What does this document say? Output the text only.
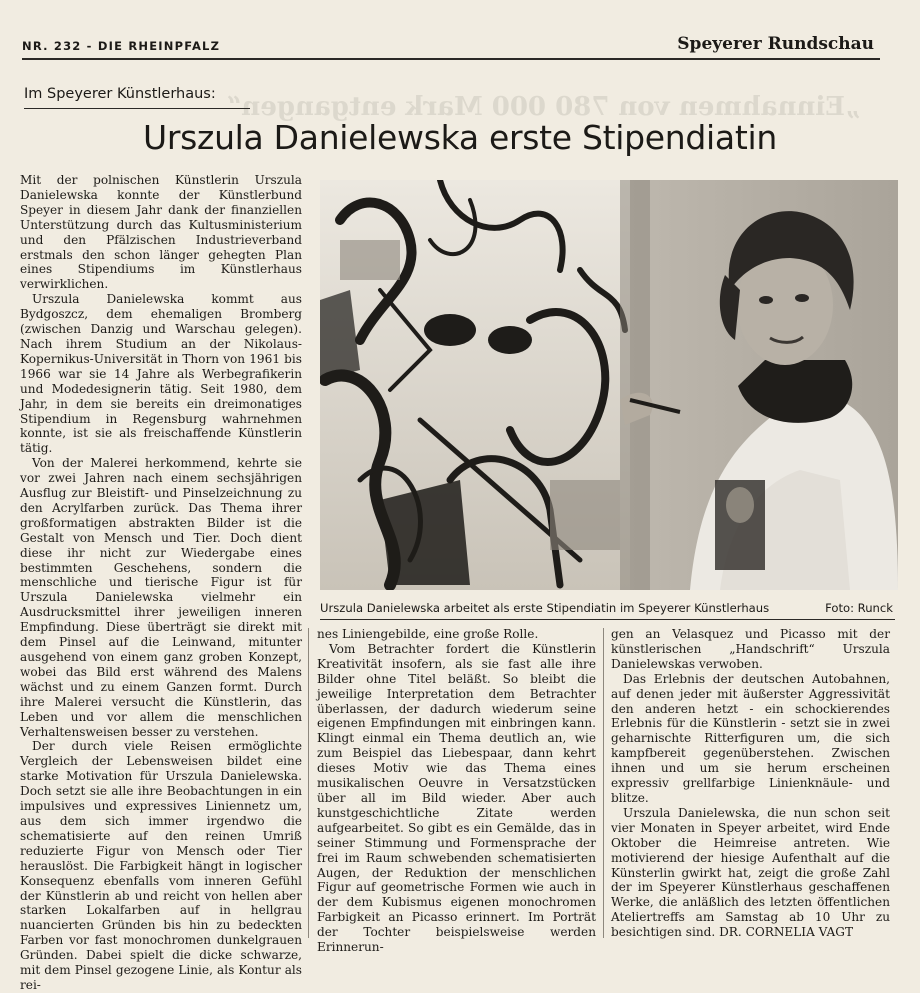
„Einnahmen von 780 000 Mark entgangen“
NR. 232 - DIE RHEINPFALZ	Speyerer Rundschau
Im Speyerer Künstlerhaus:
Urszula Danielewska erste Stipendiatin

Mit der polnischen Künstlerin Urszula Danielewska konnte der Künstlerbund Speyer in diesem Jahr dank der finanziellen Unterstützung durch das Kultusministerium und den Pfälzischen Industrieverband erstmals den schon länger gehegten Plan eines Stipendiums im Künstlerhaus verwirklichen.

Urszula Danielewska kommt aus Bydgoszcz, dem ehemaligen Bromberg (zwischen Danzig und Warschau gelegen). Nach ihrem Studium an der Nikolaus-Kopernikus-Universität in Thorn von 1961 bis 1966 war sie 14 Jahre als Werbegrafikerin und Modedesignerin tätig. Seit 1980, dem Jahr, in dem sie bereits ein dreimonatiges Stipendium in Regensburg wahrnehmen konnte, ist sie als freischaffende Künstlerin tätig.

Von der Malerei herkommend, kehrte sie vor zwei Jahren nach einem sechsjährigen Ausflug zur Bleistift- und Pinselzeichnung zu den Acrylfarben zurück. Das Thema ihrer großformatigen abstrakten Bilder ist die Gestalt von Mensch und Tier. Doch dient diese ihr nicht zur Wiedergabe eines bestimmten Geschehens, sondern die menschliche und tierische Figur ist für Urszula Danielewska vielmehr ein Ausdrucksmittel ihrer jeweiligen inneren Empfindung. Diese überträgt sie direkt mit dem Pinsel auf die Leinwand, mitunter ausgehend von einem ganz groben Konzept, wobei das Bild erst während des Malens wächst und zu einem Ganzen formt. Durch ihre Malerei versucht die Künstlerin, das Leben und vor allem die menschlichen Verhaltensweisen besser zu verstehen.

Der durch viele Reisen ermöglichte Vergleich der Lebensweisen bildet eine starke Motivation für Urszula Danielewska. Doch setzt sie alle ihre Beobachtungen in ein impulsives und expressives Liniennetz um, aus dem sich immer irgendwo die schematisierte auf den reinen Umriß reduzierte Figur von Mensch oder Tier herauslöst. Die Farbigkeit hängt in logischer Konsequenz ebenfalls vom inneren Gefühl der Künstlerin ab und reicht von hellen aber starken Lokalfarben auf in hellgrau nuancierten Gründen bis hin zu bedeckten Farben vor fast monochromen dunkelgrauen Gründen. Dabei spielt die dicke schwarze, mit dem Pinsel gezogene Linie, als Kontur als rei-

Urszula Danielewska arbeitet als erste Stipendiatin im Speyerer Künstlerhaus	Foto: Runck

nes Liniengebilde, eine große Rolle.

Vom Betrachter fordert die Künstlerin Kreativität insofern, als sie fast alle ihre Bilder ohne Titel beläßt. So bleibt die jeweilige Interpretation dem Betrachter überlassen, der dadurch wiederum seine eigenen Empfindungen mit einbringen kann. Klingt einmal ein Thema deutlich an, wie zum Beispiel das Liebespaar, dann kehrt dieses Motiv wie das Thema eines musikalischen Oeuvre in Versatzstücken über all im Bild wieder. Aber auch kunstgeschichtliche Zitate werden aufgearbeitet. So gibt es ein Gemälde, das in seiner Stimmung und Formensprache der frei im Raum schwebenden schematisierten Augen, der Reduktion der menschlichen Figur auf geometrische Formen wie auch in der dem Kubismus eigenen monochromen Farbigkeit an Picasso erinnert. Im Porträt der Tochter beispielsweise werden Erinnerun-

gen an Velasquez und Picasso mit der künstlerischen „Handschrift“ Urszula Danielewskas verwoben.

Das Erlebnis der deutschen Autobahnen, auf denen jeder mit äußerster Aggressivität den anderen hetzt - ein schockierendes Erlebnis für die Künstlerin - setzt sie in zwei geharnischte Ritterfiguren um, die sich kampfbereit gegenüberstehen. Zwischen ihnen und um sie herum erscheinen expressiv grellfarbige Linienknäule- und blitze.

Urszula Danielewska, die nun schon seit vier Monaten in Speyer arbeitet, wird Ende Oktober die Heimreise antreten. Wie motivierend der hiesige Aufenthalt auf die Künsterlin gwirkt hat, zeigt die große Zahl der im Speyerer Künstlerhaus geschaffenen Werke, die anläßlich des letzten öffentlichen Ateliertreffs am Samstag ab 10 Uhr zu besichtigen sind. DR. CORNELIA VAGT
